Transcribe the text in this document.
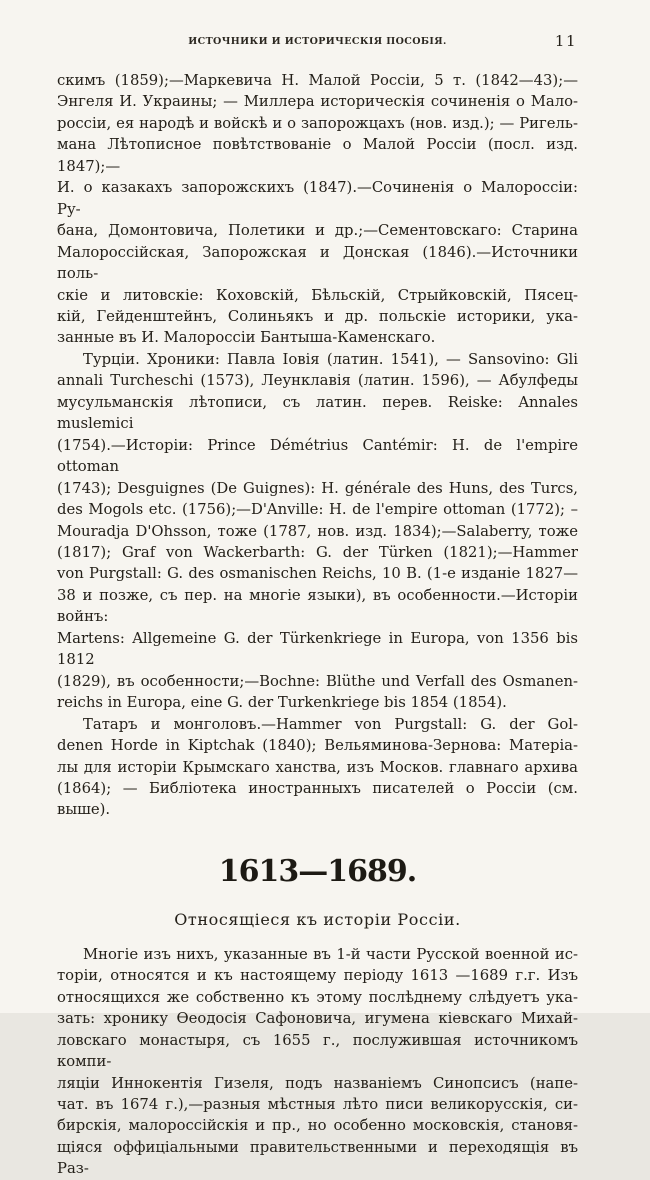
ИСТОЧНИКИ И ИСТОРИЧЕСКІЯ ПОСОБІЯ.	11
скимъ (1859);—Маркевича Н. Малой Россіи, 5 т. (1842—43);—
Энгеля И. Украины; — Миллера историческія сочиненія о Мало-
россіи, ея народѣ и войскѣ и о запорожцахъ (нов. изд.); — Ригель-
мана Лѣтописное повѣтствованіе о Малой Россіи (посл. изд. 1847);—
И. о казакахъ запорожскихъ (1847).—Сочиненія о Малороссіи: Ру-
бана, Домонтовича, Полетики и др.;—Сементовскаго: Старина
Малороссійская, Запорожская и Донская (1846).—Источники поль-
скіе и литовскіе: Коховскій, Бѣльскій, Стрыйковскій, Пясец-
кій, Гейденштейнъ, Солиньякъ и др. польскіе историки, ука-
занные въ И. Малороссіи Бантыша-Каменскаго.
Турціи. Хроники: Павла Іовія (латин. 1541), — Sansovino: Gli
annali Turcheschi (1573), Леунклавія (латин. 1596), — Абулфеды
мусульманскія лѣтописи, съ латин. перев. Reiske: Annales muslemici
(1754).—Исторіи: Prince Démétrius Cantémir: H. de l'empire ottoman
(1743); Desguignes (De Guignes): H. générale des Huns, des Turcs,
des Mogols etc. (1756);—D'Anville: H. de l'empire ottoman (1772); –
Mouradja D'Ohsson, тоже (1787, нов. изд. 1834);—Salaberry, тоже
(1817); Graf von Wackerbarth: G. der Türken (1821);—Hammer
von Purgstall: G. des osmanischen Reichs, 10 B. (1-е изданіе 1827—
38 и позже, съ пер. на многіе языки), въ особенности.—Исторіи войнъ:
Martens: Allgemeine G. der Türkenkriege in Europa, von 1356 bis 1812
(1829), въ особенности;—Bochne: Blüthe und Verfall des Osmanen-
reichs in Europa, eine G. der Turkenkriege bis 1854 (1854).
Татаръ и монголовъ.—Hammer von Purgstall: G. der Gol-
denen Horde in Kiptchak (1840); Вельяминова-Зернова: Матеріа-
лы для исторіи Крымскаго ханства, изъ Москов. главнаго архива
(1864); — Библіотека иностранныхъ писателей о Россіи (см. выше).
1613—1689.
Относящіеся къ исторіи Россіи.
Многіе изъ нихъ, указанные въ 1-й части Русской военной ис-
торіи, относятся и къ настоящему періоду 1613 —1689 г.г. Изъ
относящихся же собственно къ этому послѣднему слѣдуетъ ука-
зать: хронику Ѳеодосія Сафоновича, игумена кіевскаго Михай-
ловскаго монастыря, съ 1655 г., послужившая источникомъ компи-
ляціи Иннокентія Гизеля, подъ названіемъ Синопсисъ (напе-
чат. въ 1674 г.),—разныя мѣстныя лѣто писи великорусскія, си-
бирскія, малороссійскія и пр., но особенно московскія, становя-
щіяся оффиціальными правительственными и переходящія въ Раз-
